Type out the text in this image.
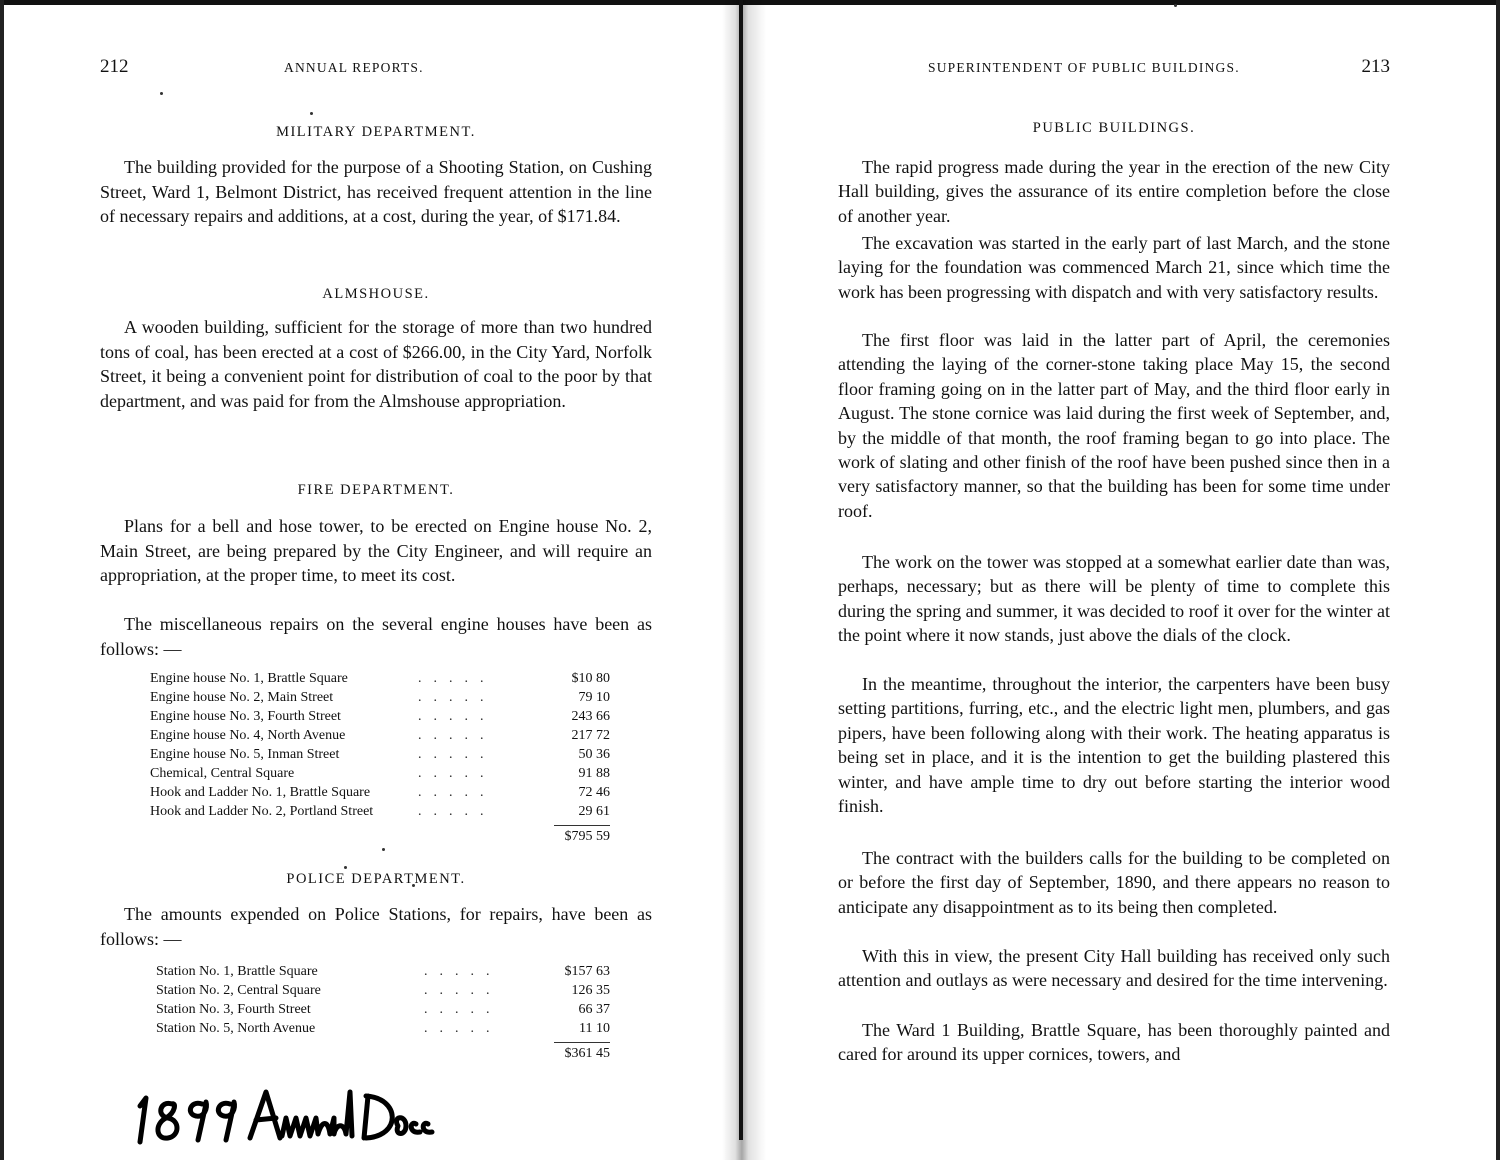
212	ANNUAL REPORTS.
MILITARY DEPARTMENT.

The building provided for the purpose of a Shooting Station, on Cushing Street, Ward 1, Belmont District, has received frequent attention in the line of necessary repairs and additions, at a cost, during the year, of $171.84.

ALMSHOUSE.

A wooden building, sufficient for the storage of more than two hundred tons of coal, has been erected at a cost of $266.00, in the City Yard, Norfolk Street, it being a convenient point for distribution of coal to the poor by that department, and was paid for from the Almshouse appropriation.

FIRE DEPARTMENT.

Plans for a bell and hose tower, to be erected on Engine house No. 2, Main Street, are being prepared by the City Engineer, and will require an appropriation, at the proper time, to meet its cost.

The miscellaneous repairs on the several engine houses have been as follows: —

Engine house No. 1, Brattle Square	.....	$10 80
Engine house No. 2, Main Street	.....	79 10
Engine house No. 3, Fourth Street	.....	243 66
Engine house No. 4, North Avenue	.....	217 72
Engine house No. 5, Inman Street	.....	50 36
Chemical, Central Square	.....	91 88
Hook and Ladder No. 1, Brattle Square	.....	72 46
Hook and Ladder No. 2, Portland Street	.....	29 61
$795 59
POLICE DEPARTMENT.

The amounts expended on Police Stations, for repairs, have been as follows: —

Station No. 1, Brattle Square	.....	$157 63
Station No. 2, Central Square	.....	126 35
Station No. 3, Fourth Street	.....	66 37
Station No. 5, North Avenue	.....	11 10
$361 45
SUPERINTENDENT OF PUBLIC BUILDINGS.	213
PUBLIC BUILDINGS.

The rapid progress made during the year in the erection of the new City Hall building, gives the assurance of its entire completion before the close of another year.

The excavation was started in the early part of last March, and the stone laying for the foundation was commenced March 21, since which time the work has been progressing with dispatch and with very satisfactory results.

The first floor was laid in the latter part of April, the ceremonies attending the laying of the corner-stone taking place May 15, the second floor framing going on in the latter part of May, and the third floor early in August. The stone cornice was laid during the first week of September, and, by the middle of that month, the roof framing began to go into place. The work of slating and other finish of the roof have been pushed since then in a very satisfactory manner, so that the building has been for some time under roof.

The work on the tower was stopped at a somewhat earlier date than was, perhaps, necessary; but as there will be plenty of time to complete this during the spring and summer, it was decided to roof it over for the winter at the point where it now stands, just above the dials of the clock.

In the meantime, throughout the interior, the carpenters have been busy setting partitions, furring, etc., and the electric light men, plumbers, and gas pipers, have been following along with their work. The heating apparatus is being set in place, and it is the intention to get the building plastered this winter, and have ample time to dry out before starting the interior wood finish.

The contract with the builders calls for the building to be completed on or before the first day of September, 1890, and there appears no reason to anticipate any disappointment as to its being then completed.

With this in view, the present City Hall building has received only such attention and outlays as were necessary and desired for the time intervening.

The Ward 1 Building, Brattle Square, has been thoroughly painted and cared for around its upper cornices, towers, and
